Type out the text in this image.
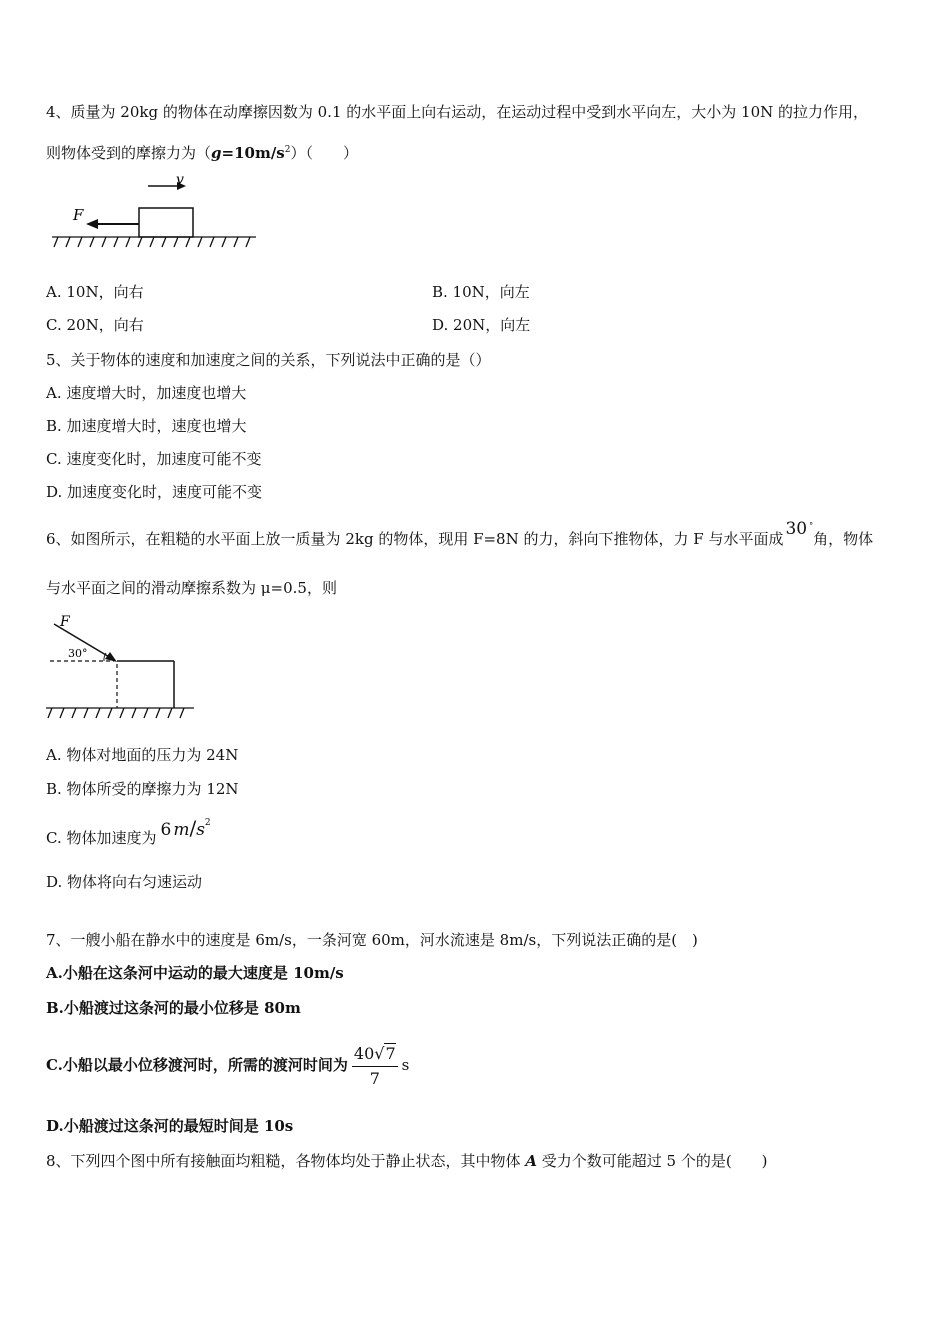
4、质量为 20kg 的物体在动摩擦因数为 0.1 的水平面上向右运动，在运动过程中受到水平向左，大小为 10N 的拉力作用，
则物体受到的摩擦力为$(g=10m/s^2)$（　　）
v
F
A. 10N，向右	B. 10N，向左
C. 20N，向右	D. 20N，向左
5、关于物体的速度和加速度之间的关系，下列说法中正确的是（）
A. 速度增大时，加速度也增大
B. 加速度增大时，速度也增大
C. 速度变化时，加速度可能不变
D. 加速度变化时，速度可能不变
6、如图所示，在粗糙的水平面上放一质量为 2kg 的物体，现用 F=8N 的力，斜向下推物体，力 F 与水平面成 30 °角，物体
与水平面之间的滑动摩擦系数为 μ=0.5，则
F
30°
A. 物体对地面的压力为 24N
B. 物体所受的摩擦力为 12N
C. 物体加速度为 6 $m/s^2$
D. 物体将向右匀速运动
7、一艘小船在静水中的速度是 6m/s，一条河宽 60m，河水流速是 8m/s，下列说法正确的是(　)
A.小船在这条河中运动的最大速度是 10m/s
B.小船渡过这条河的最小位移是 80m
C.小船以最小位移渡河时，所需的渡河时间为 $\frac{40√7}{7}$ s
D.小船渡过这条河的最短时间是 10s
8、下列四个图中所有接触面均粗糙，各物体均处于静止状态，其中物体 A 受力个数可能超过 5 个的是(　　)
